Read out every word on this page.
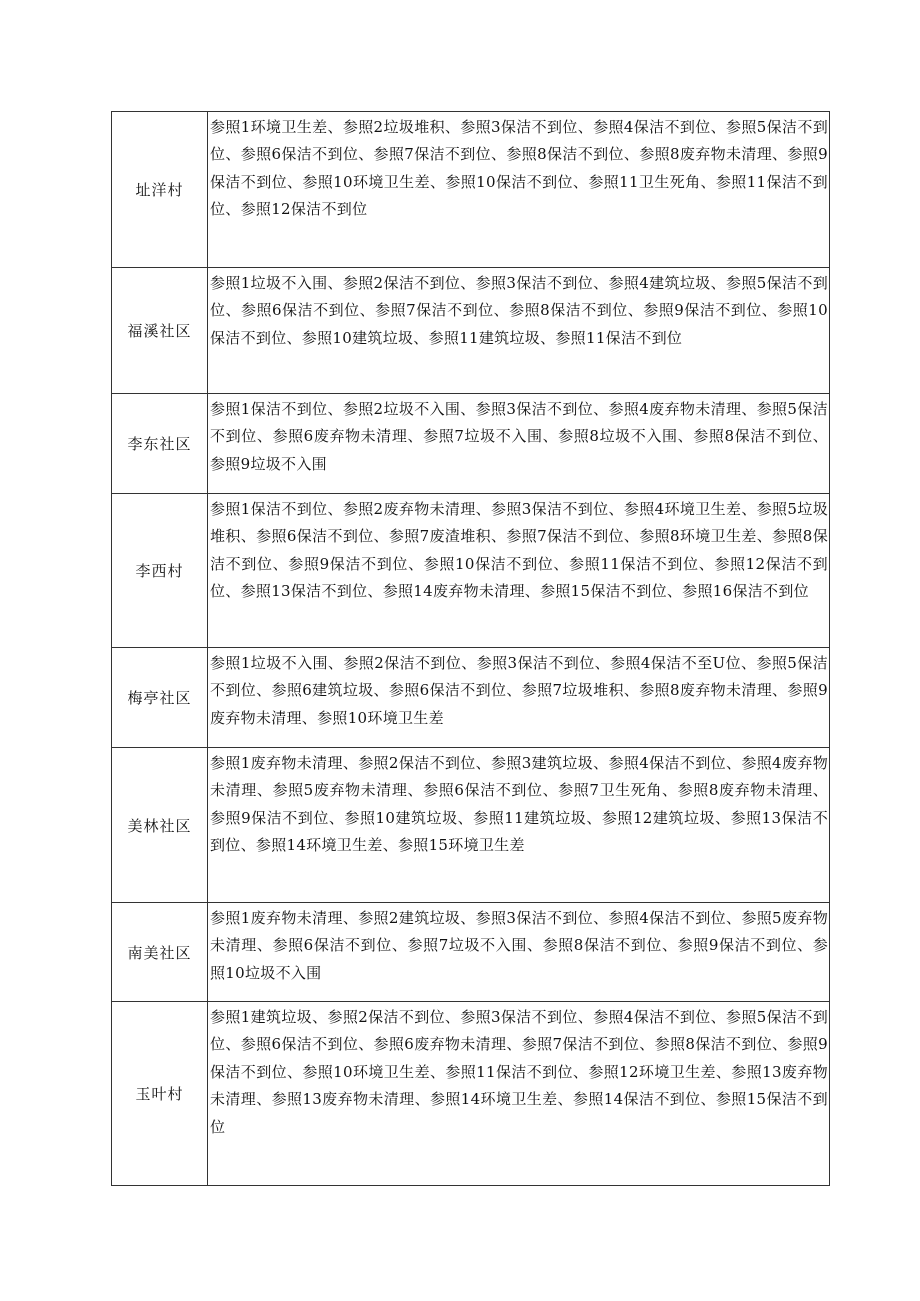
址洋村	参照1环境卫生差、参照2垃圾堆积、参照3保洁不到位、参照4保洁不到位、参照5保洁不到位、参照6保洁不到位、参照7保洁不到位、参照8保洁不到位、参照8废弃物未清理、参照9保洁不到位、参照10环境卫生差、参照10保洁不到位、参照11卫生死角、参照11保洁不到位、参照12保洁不到位
福溪社区	参照1垃圾不入围、参照2保洁不到位、参照3保洁不到位、参照4建筑垃圾、参照5保洁不到位、参照6保洁不到位、参照7保洁不到位、参照8保洁不到位、参照9保洁不到位、参照10保洁不到位、参照10建筑垃圾、参照11建筑垃圾、参照11保洁不到位
李东社区	参照1保洁不到位、参照2垃圾不入围、参照3保洁不到位、参照4废弃物未清理、参照5保洁不到位、参照6废弃物未清理、参照7垃圾不入围、参照8垃圾不入围、参照8保洁不到位、参照9垃圾不入围
李西村	参照1保洁不到位、参照2废弃物未清理、参照3保洁不到位、参照4环境卫生差、参照5垃圾堆积、参照6保洁不到位、参照7废渣堆积、参照7保洁不到位、参照8环境卫生差、参照8保洁不到位、参照9保洁不到位、参照10保洁不到位、参照11保洁不到位、参照12保洁不到位、参照13保洁不到位、参照14废弃物未清理、参照15保洁不到位、参照16保洁不到位
梅亭社区	参照1垃圾不入围、参照2保洁不到位、参照3保洁不到位、参照4保洁不至U位、参照5保洁不到位、参照6建筑垃圾、参照6保洁不到位、参照7垃圾堆积、参照8废弃物未清理、参照9废弃物未清理、参照10环境卫生差
美林社区	参照1废弃物未清理、参照2保洁不到位、参照3建筑垃圾、参照4保洁不到位、参照4废弃物未清理、参照5废弃物未清理、参照6保洁不到位、参照7卫生死角、参照8废弃物未清理、参照9保洁不到位、参照10建筑垃圾、参照11建筑垃圾、参照12建筑垃圾、参照13保洁不到位、参照14环境卫生差、参照15环境卫生差
南美社区	参照1废弃物未清理、参照2建筑垃圾、参照3保洁不到位、参照4保洁不到位、参照5废弃物未清理、参照6保洁不到位、参照7垃圾不入围、参照8保洁不到位、参照9保洁不到位、参照10垃圾不入围
玉叶村	参照1建筑垃圾、参照2保洁不到位、参照3保洁不到位、参照4保洁不到位、参照5保洁不到位、参照6保洁不到位、参照6废弃物未清理、参照7保洁不到位、参照8保洁不到位、参照9保洁不到位、参照10环境卫生差、参照11保洁不到位、参照12环境卫生差、参照13废弃物未清理、参照13废弃物未清理、参照14环境卫生差、参照14保洁不到位、参照15保洁不到位
